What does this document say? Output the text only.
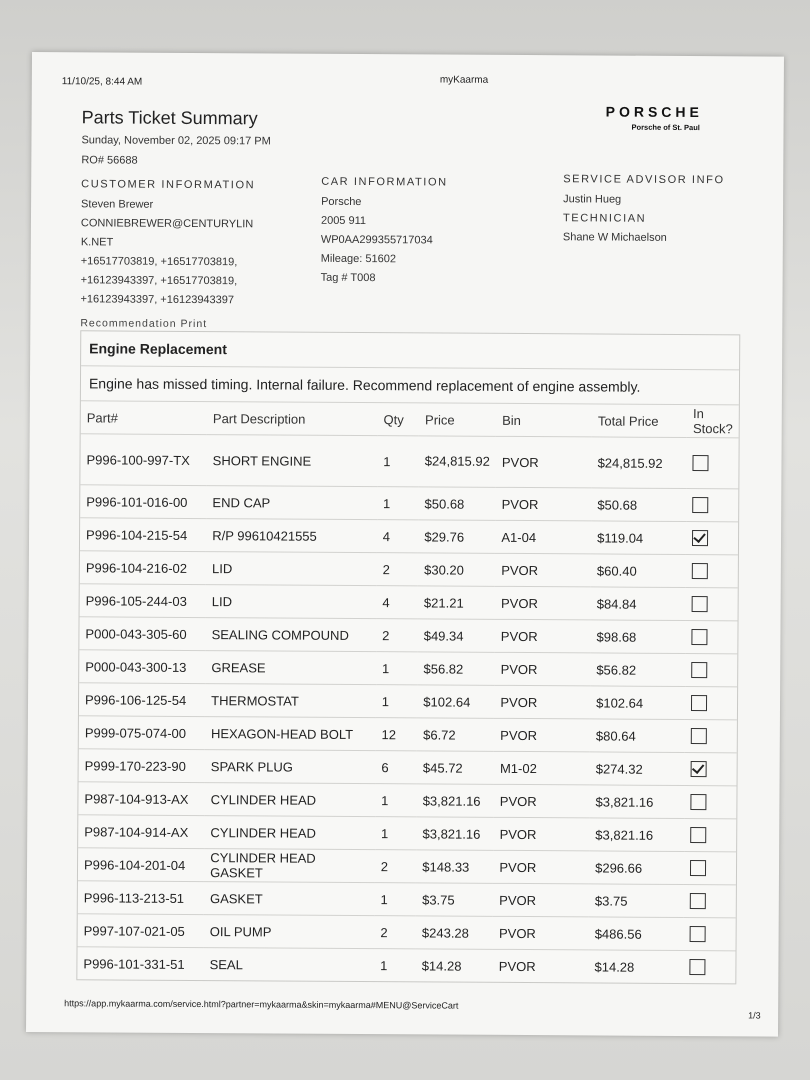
11/10/25, 8:44 AM	myKaarma
PORSCHE
Porsche of St. Paul
Parts Ticket Summary
Sunday, November 02, 2025 09:17 PM
RO# 56688
CUSTOMER INFORMATION
Steven Brewer
CONNIEBREWER@CENTURYLIN
K.NET
+16517703819, +16517703819,
+16123943397, +16517703819,
+16123943397, +16123943397
CAR INFORMATION
Porsche
2005 911
WP0AA299355717034
Mileage: 51602
Tag # T008
SERVICE ADVISOR INFO
Justin Hueg
TECHNICIAN
Shane W Michaelson
Recommendation Print
Engine Replacement
Engine has missed timing. Internal failure. Recommend replacement of engine assembly.
Part#	Part Description	Qty	Price	Bin	Total Price	In Stock?
P996-100-997-TX	SHORT ENGINE	1	$24,815.92	PVOR	$24,815.92	
P996-101-016-00	END CAP	1	$50.68	PVOR	$50.68	
P996-104-215-54	R/P 99610421555	4	$29.76	A1-04	$119.04	
P996-104-216-02	LID	2	$30.20	PVOR	$60.40	
P996-105-244-03	LID	4	$21.21	PVOR	$84.84	
P000-043-305-60	SEALING COMPOUND	2	$49.34	PVOR	$98.68	
P000-043-300-13	GREASE	1	$56.82	PVOR	$56.82	
P996-106-125-54	THERMOSTAT	1	$102.64	PVOR	$102.64	
P999-075-074-00	HEXAGON-HEAD BOLT	12	$6.72	PVOR	$80.64	
P999-170-223-90	SPARK PLUG	6	$45.72	M1-02	$274.32	
P987-104-913-AX	CYLINDER HEAD	1	$3,821.16	PVOR	$3,821.16	
P987-104-914-AX	CYLINDER HEAD	1	$3,821.16	PVOR	$3,821.16	
P996-104-201-04	CYLINDER HEAD GASKET	2	$148.33	PVOR	$296.66	
P996-113-213-51	GASKET	1	$3.75	PVOR	$3.75	
P997-107-021-05	OIL PUMP	2	$243.28	PVOR	$486.56	
P996-101-331-51	SEAL	1	$14.28	PVOR	$14.28	
https://app.mykaarma.com/service.html?partner=mykaarma&skin=mykaarma#MENU@ServiceCart
1/3
